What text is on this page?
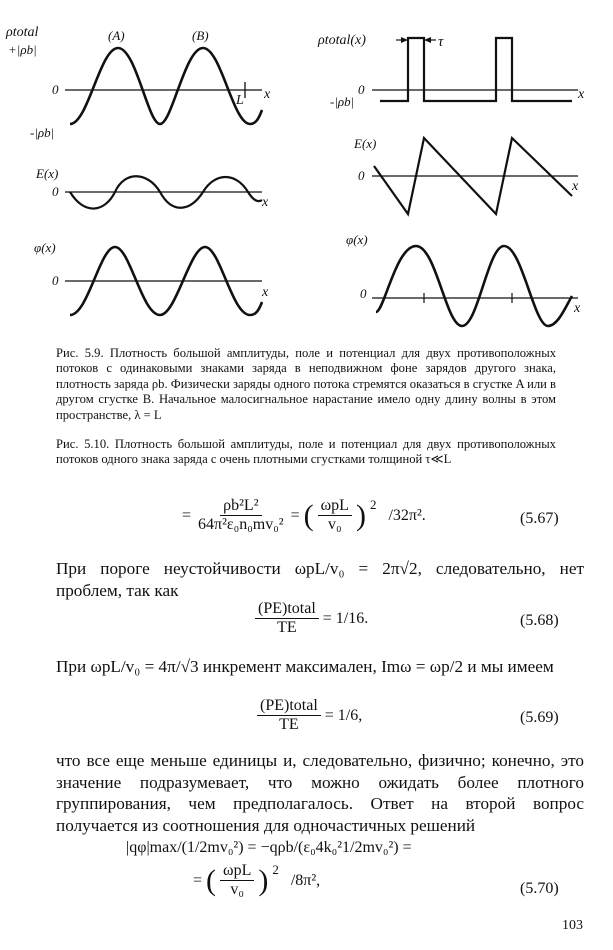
ρtotal
+|ρb|
0
-|ρb|
(A)	(B)
L x
E(x)
0
x
φ(x)
0
x
ρtotal(x)	τ
0
-|ρb|	x
E(x)
0
x
φ(x)
0
x
Рис. 5.9. Плотность большой амплитуды, поле и потенциал для двух противоположных потоков с одинаковыми знаками заряда в неподвижном фоне зарядов другого знака, плотность заряда ρb. Физически заряды одного потока стремятся оказаться в сгустке A или в другом сгустке B. Начальное малосигнальное нарастание имело одну длину волны в этом пространстве, λ = L
Рис. 5.10. Плотность большой амплитуды, поле и потенциал для двух противоположных потоков одного знака заряда с очень плотными сгустками толщиной τ≪L
= $\frac{\text{ρb²L²}}{\text{64π²ε₀n₀mv₀²}}$ = ( $\frac{\text{ωpL}}{\text{v₀}}$ ) $^2$
/32π².	(5.67)
При пороге неустойчивости ωpL/v₀ = 2π√2, следовательно, нет проблем, так как
$\frac{\text{(PE)total}}{TE} = 1/16$.	(5.68)
При ωpL/v₀ = 4π/√3 инкремент максимален, Imω = ωp/2 и мы имеем
$\frac{\text{(PE)total}}{TE} = 1/6$,	(5.69)
что все еще меньше единицы и, следовательно, физично; конечно, это значение подразумевает, что можно ожидать более плотного группирования, чем предполагалось. Ответ на второй вопрос получается из соотношения для одночастичных решений
|qφ|max/(1/2mv₀²) = −qρb/(ε₀4k₀²1/2mv₀²) =
= ( $\frac{\text{ωpL}}{\text{v₀}}$ ) $^2$
/8π²,	(5.70)
103
